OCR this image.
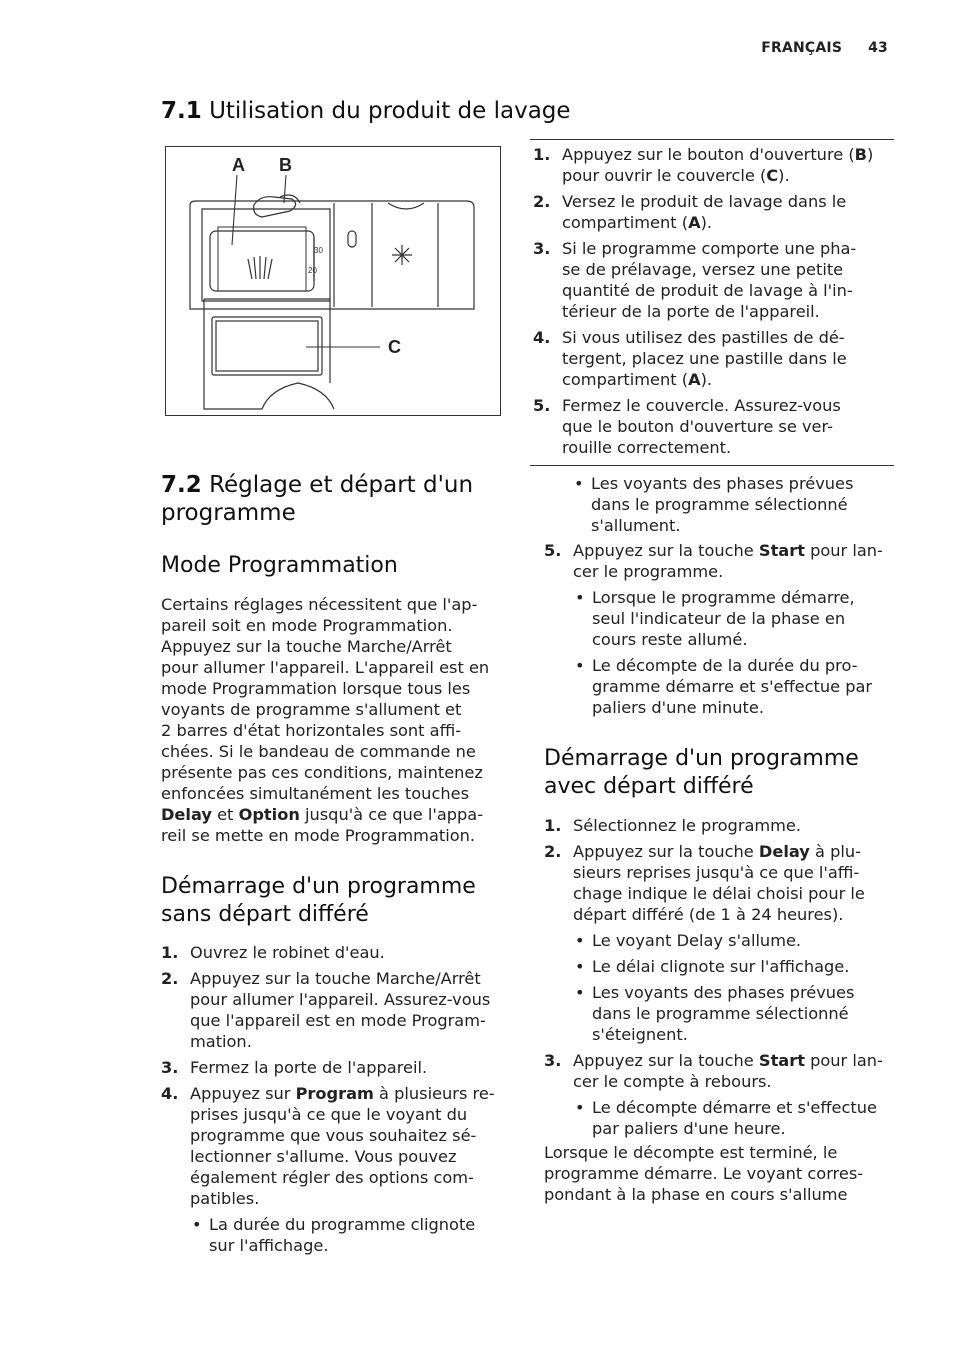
FRANÇAIS 43
7.1 Utilisation du produit de lavage
A B
C
30
20
1. Appuyez sur le bouton d'ouverture (B) pour ouvrir le couvercle (C).
2. Versez le produit de lavage dans le compartiment (A).
3. Si le programme comporte une pha-
se de prélavage, versez une petite
quantité de produit de lavage à l'in-
térieur de la porte de l'appareil.
4. Si vous utilisez des pastilles de dé-
tergent, placez une pastille dans le
compartiment (A).
5. Fermez le couvercle. Assurez-vous
que le bouton d'ouverture se ver-
rouille correctement.
7.2 Réglage et départ d'un
programme
Mode Programmation

Certains réglages nécessitent que l'ap-
pareil soit en mode Programmation.
Appuyez sur la touche Marche/Arrêt
pour allumer l'appareil. L'appareil est en
mode Programmation lorsque tous les
voyants de programme s'allument et
2 barres d'état horizontales sont affi-
chées. Si le bandeau de commande ne
présente pas ces conditions, maintenez
enfoncées simultanément les touches
Delay et Option jusqu'à ce que l'appa-
reil se mette en mode Programmation.

Démarrage d'un programme
sans départ différé
1. Ouvrez le robinet d'eau.
2. Appuyez sur la touche Marche/Arrêt
pour allumer l'appareil. Assurez-vous
que l'appareil est en mode Program-
mation.
3. Fermez la porte de l'appareil.
4. Appuyez sur Program à plusieurs re-
prises jusqu'à ce que le voyant du
programme que vous souhaitez sé-
lectionner s'allume. Vous pouvez
également régler des options com-
patibles.
• La durée du programme clignote
sur l'affichage.
• Les voyants des phases prévues
dans le programme sélectionné
s'allument.
5. Appuyez sur la touche Start pour lan-
cer le programme.
• Lorsque le programme démarre,
seul l'indicateur de la phase en
cours reste allumé.
• Le décompte de la durée du pro-
gramme démarre et s'effectue par
paliers d'une minute.
Démarrage d'un programme
avec départ différé
1. Sélectionnez le programme.
2. Appuyez sur la touche Delay à plu-
sieurs reprises jusqu'à ce que l'affi-
chage indique le délai choisi pour le
départ différé (de 1 à 24 heures).
• Le voyant Delay s'allume.
• Le délai clignote sur l'affichage.
• Les voyants des phases prévues
dans le programme sélectionné
s'éteignent.
3. Appuyez sur la touche Start pour lan-
cer le compte à rebours.
• Le décompte démarre et s'effectue
par paliers d'une heure.

Lorsque le décompte est terminé, le
programme démarre. Le voyant corres-
pondant à la phase en cours s'allume
